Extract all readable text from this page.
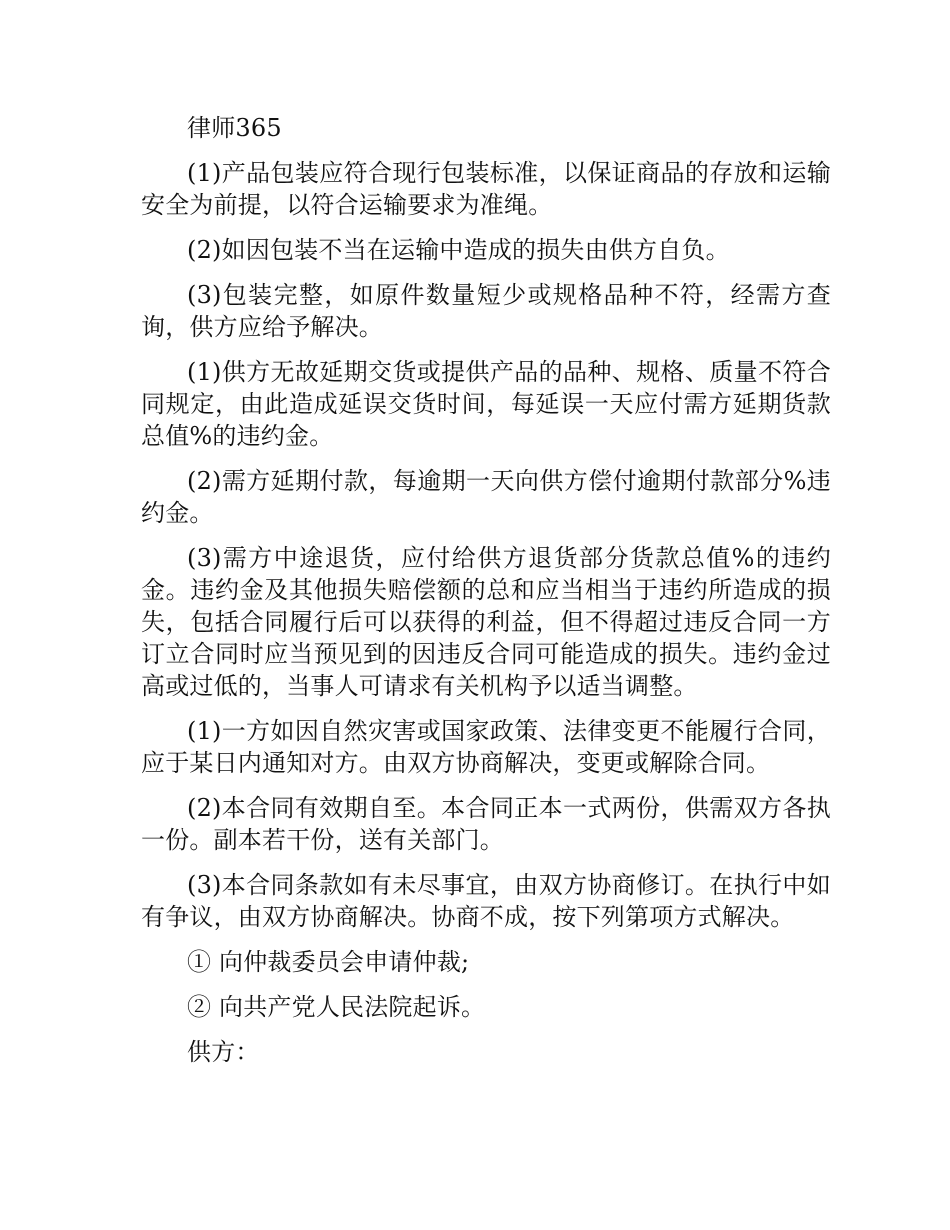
律师365

(1)产品包装应符合现行包装标准，以保证商品的存放和运输安全为前提，以符合运输要求为准绳。

(2)如因包装不当在运输中造成的损失由供方自负。

(3)包装完整，如原件数量短少或规格品种不符，经需方查询，供方应给予解决。

(1)供方无故延期交货或提供产品的品种、规格、质量不符合同规定，由此造成延误交货时间，每延误一天应付需方延期货款总值%的违约金。

(2)需方延期付款，每逾期一天向供方偿付逾期付款部分%违约金。

(3)需方中途退货，应付给供方退货部分货款总值%的违约金。违约金及其他损失赔偿额的总和应当相当于违约所造成的损失，包括合同履行后可以获得的利益，但不得超过违反合同一方订立合同时应当预见到的因违反合同可能造成的损失。违约金过高或过低的，当事人可请求有关机构予以适当调整。

(1)一方如因自然灾害或国家政策、法律变更不能履行合同，应于某日内通知对方。由双方协商解决，变更或解除合同。

(2)本合同有效期自至。本合同正本一式两份，供需双方各执一份。副本若干份，送有关部门。

(3)本合同条款如有未尽事宜，由双方协商修订。在执行中如有争议，由双方协商解决。协商不成，按下列第项方式解决。

① 向仲裁委员会申请仲裁;

② 向共产党人民法院起诉。

供方：
